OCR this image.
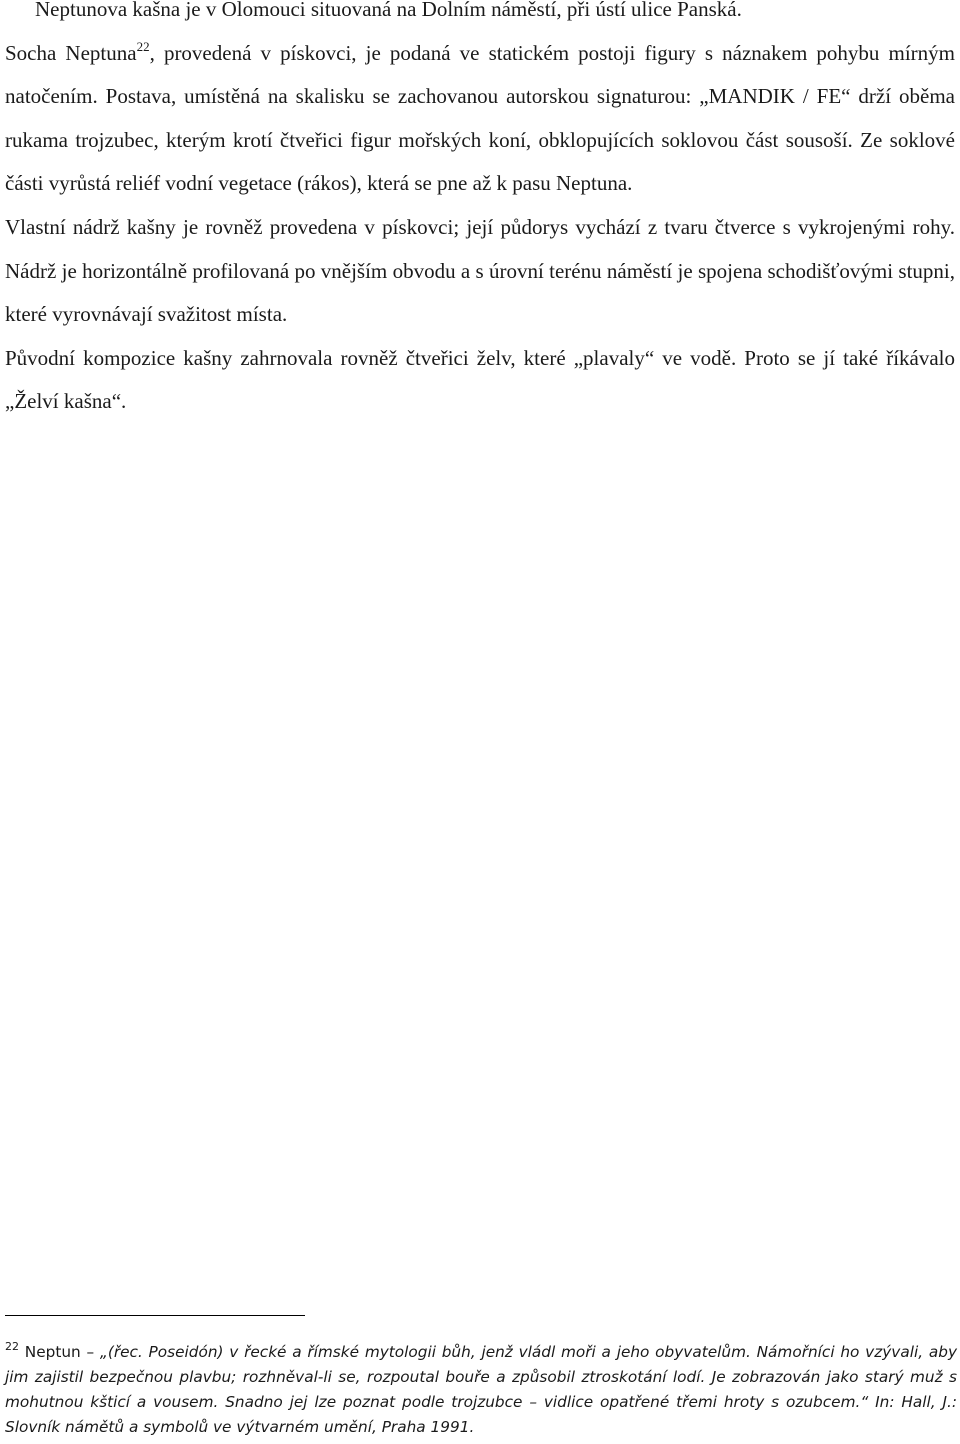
Neptunova kašna je v Olomouci situovaná na Dolním náměstí, při ústí ulice Panská.

Socha Neptuna$^{22}$, provedená v pískovci, je podaná ve statickém postoji figury s náznakem pohybu mírným natočením. Postava, umístěná na skalisku se zachovanou autorskou signaturou: „MANDIK / FE“ drží oběma rukama trojzubec, kterým krotí čtveřici figur mořských koní, obklopujících soklovou část sousoší. Ze soklové části vyrůstá reliéf vodní vegetace (rákos), která se pne až k pasu Neptuna.

Vlastní nádrž kašny je rovněž provedena v pískovci; její půdorys vychází z tvaru čtverce s vykrojenými rohy. Nádrž je horizontálně profilovaná po vnějším obvodu a s úrovní terénu náměstí je spojena schodišťovými stupni, které vyrovnávají svažitost místa.

Původní kompozice kašny zahrnovala rovněž čtveřici želv, které „plavaly“ ve vodě. Proto se jí také říkávalo „Želví kašna“.

$^{22}$ Neptun – „(řec. Poseidón) v řecké a římské mytologii bůh, jenž vládl moři a jeho obyvatelům. Námořníci ho vzývali, aby jim zajistil bezpečnou plavbu; rozhněval-li se, rozpoutal bouře a způsobil ztroskotání lodí. Je zobrazován jako starý muž s mohutnou kšticí a vousem. Snadno jej lze poznat podle trojzubce – vidlice opatřené třemi hroty s ozubcem.“ In: Hall, J.: Slovník námětů a symbolů ve výtvarném umění, Praha 1991.
